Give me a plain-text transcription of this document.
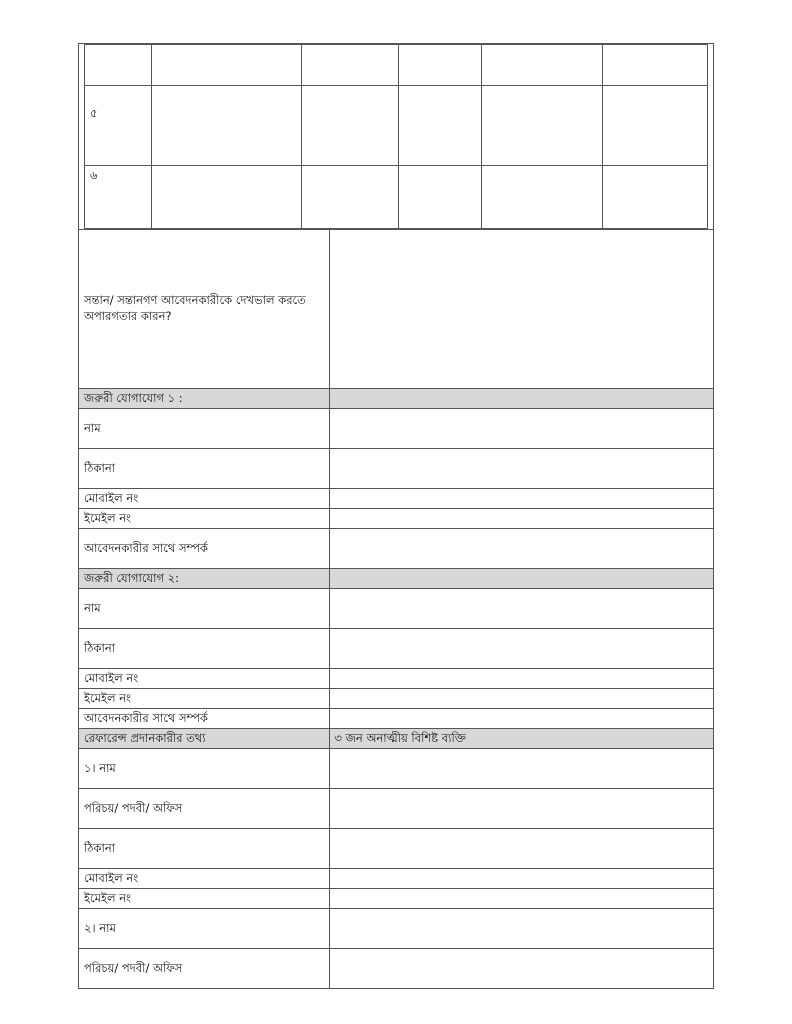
৫					
৬					
সন্তান/ সন্তানগণ আবেদনকারীকে দেখভাল করতে অপারগতার কারন?	
জরুরী যোগাযোগ ১ :	
নাম	
ঠিকানা	
মোবাইল নং	
ইমেইল নং	
আবেদনকারীর সাথে সম্পর্ক	
জরুরী যোগাযোগ ২:	
নাম	
ঠিকানা	
মোবাইল নং	
ইমেইল নং	
আবেদনকারীর সাথে সম্পর্ক	
রেফারেন্স প্রদানকারীর তথ্য	৩ জন অনাত্মীয় বিশিষ্ট ব্যক্তি
১। নাম	
পরিচয়/ পদবী/ অফিস	
ঠিকানা	
মোবাইল নং	
ইমেইল নং	
২। নাম	
পরিচয়/ পদবী/ অফিস	
